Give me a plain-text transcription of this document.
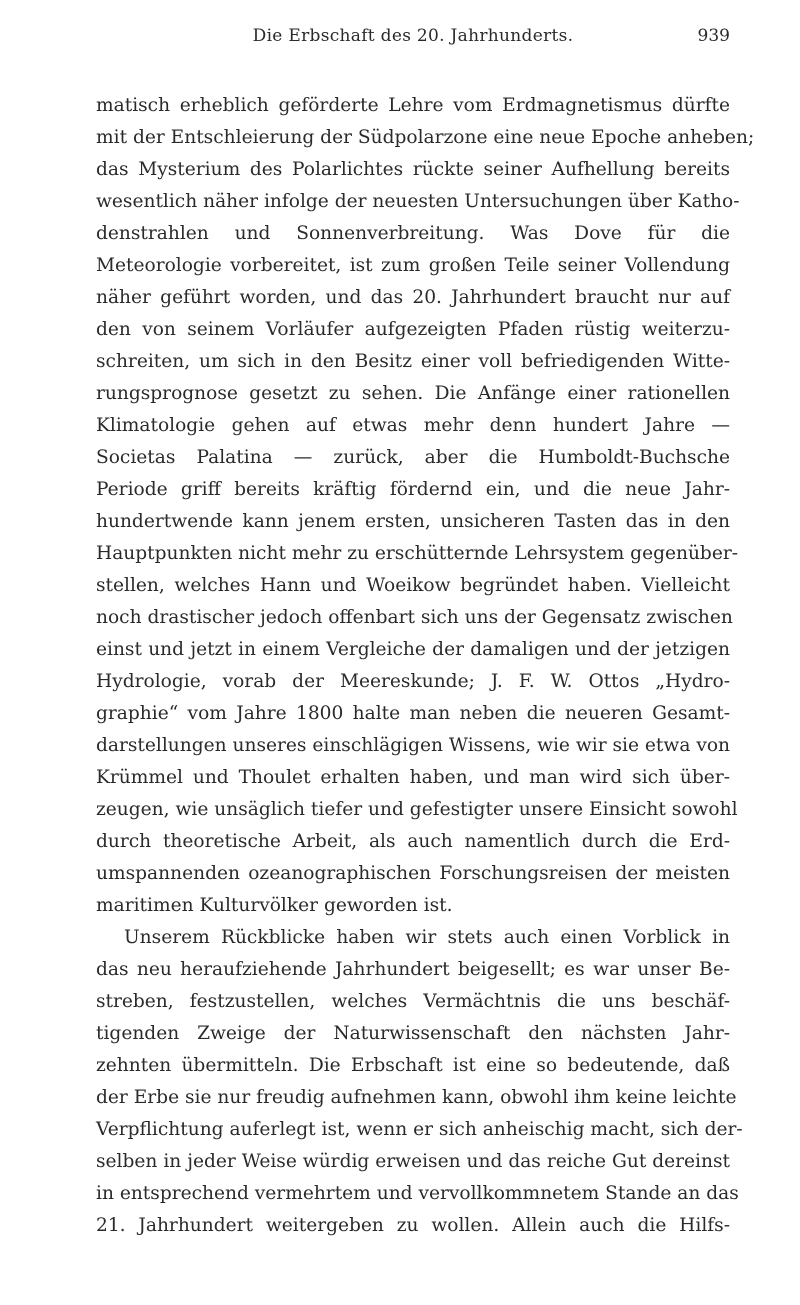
Die Erbschaft des 20. Jahrhunderts.	939
matisch erheblich geförderte Lehre vom Erdmagnetismus dürfte
mit der Entschleierung der Südpolarzone eine neue Epoche anheben;
das Mysterium des Polarlichtes rückte seiner Aufhellung bereits
wesentlich näher infolge der neuesten Untersuchungen über Katho-
denstrahlen und Sonnenverbreitung. Was Dove für die
Meteorologie vorbereitet, ist zum großen Teile seiner Vollendung
näher geführt worden, und das 20. Jahrhundert braucht nur auf
den von seinem Vorläufer aufgezeigten Pfaden rüstig weiterzu-
schreiten, um sich in den Besitz einer voll befriedigenden Witte-
rungsprognose gesetzt zu sehen. Die Anfänge einer rationellen
Klimatologie gehen auf etwas mehr denn hundert Jahre —
Societas Palatina — zurück, aber die Humboldt-Buchsche
Periode griff bereits kräftig fördernd ein, und die neue Jahr-
hundertwende kann jenem ersten, unsicheren Tasten das in den
Hauptpunkten nicht mehr zu erschütternde Lehrsystem gegenüber-
stellen, welches Hann und Woeikow begründet haben. Vielleicht
noch drastischer jedoch offenbart sich uns der Gegensatz zwischen
einst und jetzt in einem Vergleiche der damaligen und der jetzigen
Hydrologie, vorab der Meereskunde; J. F. W. Ottos „Hydro-
graphie“ vom Jahre 1800 halte man neben die neueren Gesamt-
darstellungen unseres einschlägigen Wissens, wie wir sie etwa von
Krümmel und Thoulet erhalten haben, und man wird sich über-
zeugen, wie unsäglich tiefer und gefestigter unsere Einsicht sowohl
durch theoretische Arbeit, als auch namentlich durch die Erd-
umspannenden ozeanographischen Forschungsreisen der meisten
maritimen Kulturvölker geworden ist.
Unserem Rückblicke haben wir stets auch einen Vorblick in
das neu heraufziehende Jahrhundert beigesellt; es war unser Be-
streben, festzustellen, welches Vermächtnis die uns beschäf-
tigenden Zweige der Naturwissenschaft den nächsten Jahr-
zehnten übermitteln. Die Erbschaft ist eine so bedeutende, daß
der Erbe sie nur freudig aufnehmen kann, obwohl ihm keine leichte
Verpflichtung auferlegt ist, wenn er sich anheischig macht, sich der-
selben in jeder Weise würdig erweisen und das reiche Gut dereinst
in entsprechend vermehrtem und vervollkommnetem Stande an das
21. Jahrhundert weitergeben zu wollen. Allein auch die Hilfs-
